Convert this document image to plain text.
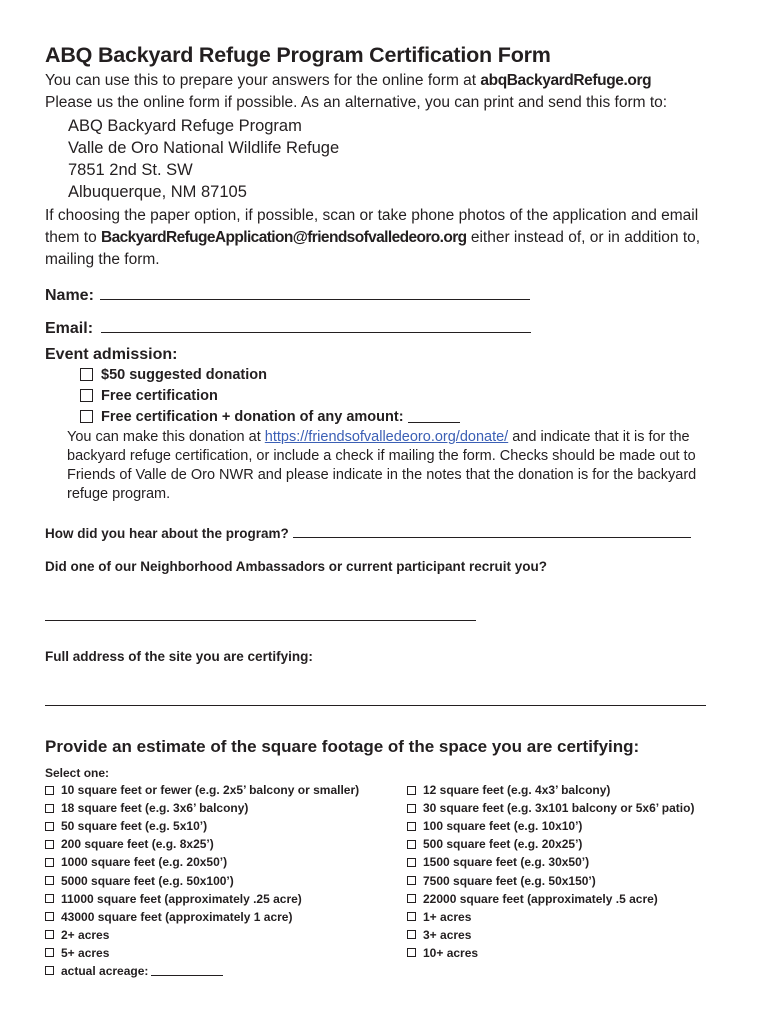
ABQ Backyard Refuge Program Certification Form

You can use this to prepare your answers for the online form at abqBackyardRefuge.org

Please us the online form if possible. As an alternative, you can print and send this form to:

ABQ Backyard Refuge Program
Valle de Oro National Wildlife Refuge
7851 2nd St. SW
Albuquerque, NM 87105

If choosing the paper option, if possible, scan or take phone photos of the application and email them to BackyardRefugeApplication@friendsofvalledeoro.org either instead of, or in addition to, mailing the form.

Name:
Email:
Event admission:
$50 suggested donation
Free certification
Free certification + donation of any amount:

You can make this donation at https://friendsofvalledeoro.org/donate/ and indicate that it is for the backyard refuge certification, or include a check if mailing the form. Checks should be made out to Friends of Valle de Oro NWR and please indicate in the notes that the donation is for the backyard refuge program.

How did you hear about the program?
Did one of our Neighborhood Ambassadors or current participant recruit you?
Full address of the site you are certifying:
Provide an estimate of the square footage of the space you are certifying:
Select one:
10 square feet or fewer (e.g. 2x5’ balcony or smaller)
18 square feet (e.g. 3x6’ balcony)
50 square feet (e.g. 5x10’)
200 square feet (e.g. 8x25’)
1000 square feet (e.g. 20x50’)
5000 square feet (e.g. 50x100’)
11000 square feet (approximately .25 acre)
43000 square feet (approximately 1 acre)
2+ acres
5+ acres
actual acreage:
12 square feet (e.g. 4x3’ balcony)
30 square feet (e.g. 3x101 balcony or 5x6’ patio)
100 square feet (e.g. 10x10’)
500 square feet (e.g. 20x25’)
1500 square feet (e.g. 30x50’)
7500 square feet (e.g. 50x150’)
22000 square feet (approximately .5 acre)
1+ acres
3+ acres
10+ acres
